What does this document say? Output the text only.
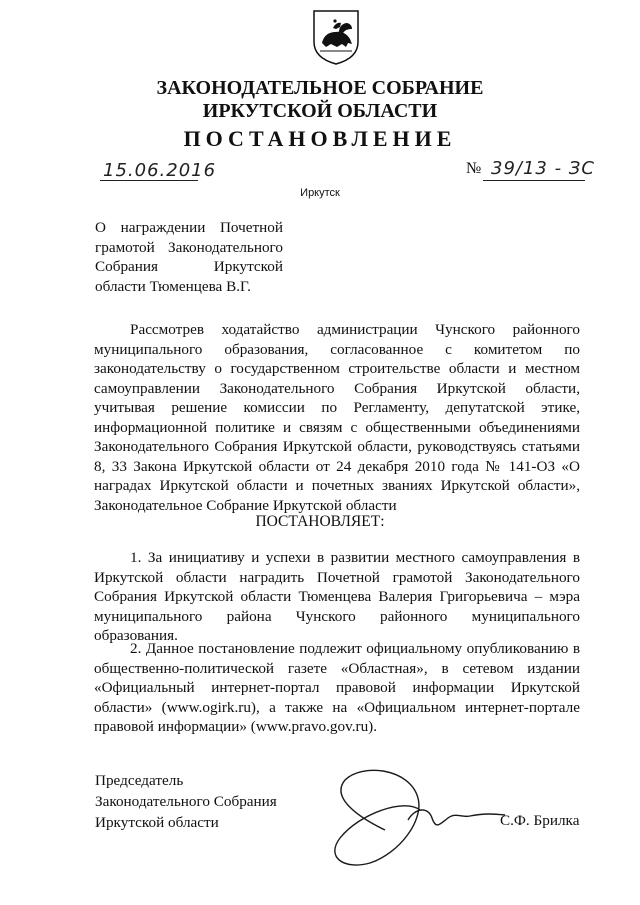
ЗАКОНОДАТЕЛЬНОЕ СОБРАНИЕ
ИРКУТСКОЙ ОБЛАСТИ
ПОСТАНОВЛЕНИЕ
15.06.2016	№ 39/13 - ЗС
Иркутск
О награждении Почетной грамотой Законодательного Собрания Иркутской области Тюменцева В.Г.
Рассмотрев ходатайство администрации Чунского районного муниципального образования, согласованное с комитетом по законодательству о государственном строительстве области и местном самоуправлении Законодательного Собрания Иркутской области, учитывая решение комиссии по Регламенту, депутатской этике, информационной политике и связям с общественными объединениями Законодательного Собрания Иркутской области, руководствуясь статьями 8, 33 Закона Иркутской области от 24 декабря 2010 года № 141-ОЗ «О наградах Иркутской области и почетных званиях Иркутской области», Законодательное Собрание Иркутской области
ПОСТАНОВЛЯЕТ:
1. За инициативу и успехи в развитии местного самоуправления в Иркутской области наградить Почетной грамотой Законодательного Собрания Иркутской области Тюменцева Валерия Григорьевича – мэра муниципального района Чунского районного муниципального образования.
2. Данное постановление подлежит официальному опубликованию в общественно-политической газете «Областная», в сетевом издании «Официальный интернет-портал правовой информации Иркутской области» (www.ogirk.ru), а также на «Официальном интернет-портале правовой информации» (www.pravo.gov.ru).
Председатель
Законодательного Собрания
Иркутской области	С.Ф. Брилка
